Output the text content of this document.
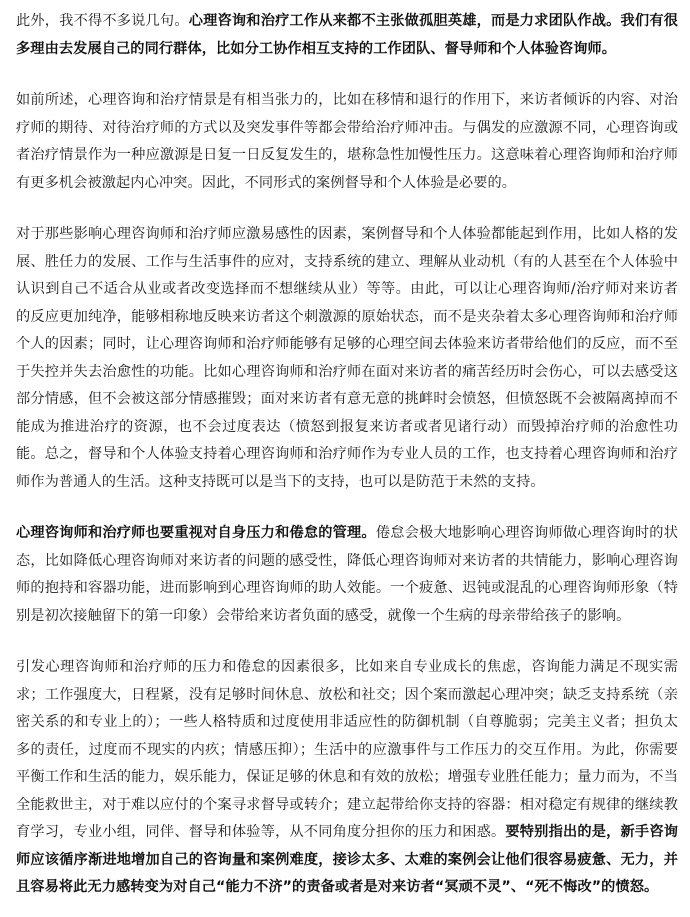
此外，我不得不多说几句。心理咨询和治疗工作从来都不主张做孤胆英雄，而是力求团队作战。我们有很多理由去发展自己的同行群体，比如分工协作相互支持的工作团队、督导师和个人体验咨询师。

如前所述，心理咨询和治疗情景是有相当张力的，比如在移情和退行的作用下，来访者倾诉的内容、对治疗师的期待、对待治疗师的方式以及突发事件等都会带给治疗师冲击。与偶发的应激源不同，心理咨询或者治疗情景作为一种应激源是日复一日反复发生的，堪称急性加慢性压力。这意味着心理咨询师和治疗师有更多机会被激起内心冲突。因此，不同形式的案例督导和个人体验是必要的。

对于那些影响心理咨询师和治疗师应激易感性的因素，案例督导和个人体验都能起到作用，比如人格的发展、胜任力的发展、工作与生活事件的应对，支持系统的建立、理解从业动机（有的人甚至在个人体验中认识到自己不适合从业或者改变选择而不想继续从业）等等。由此，可以让心理咨询师/治疗师对来访者的反应更加纯净，能够相称地反映来访者这个刺激源的原始状态，而不是夹杂着太多心理咨询师和治疗师个人的因素；同时，让心理咨询师和治疗师能够有足够的心理空间去体验来访者带给他们的反应，而不至于失控并失去治愈性的功能。比如心理咨询师和治疗师在面对来访者的痛苦经历时会伤心，可以去感受这部分情感，但不会被这部分情感摧毁；面对来访者有意无意的挑衅时会愤怒，但愤怒既不会被隔离掉而不能成为推进治疗的资源，也不会过度表达（愤怒到报复来访者或者见诸行动）而毁掉治疗师的治愈性功能。总之，督导和个人体验支持着心理咨询师和治疗师作为专业人员的工作，也支持着心理咨询师和治疗师作为普通人的生活。这种支持既可以是当下的支持，也可以是防范于未然的支持。

心理咨询师和治疗师也要重视对自身压力和倦怠的管理。倦怠会极大地影响心理咨询师做心理咨询时的状态，比如降低心理咨询师对来访者的问题的感受性，降低心理咨询师对来访者的共情能力，影响心理咨询师的抱持和容器功能，进而影响到心理咨询师的助人效能。一个疲惫、迟钝或混乱的心理咨询师形象（特别是初次接触留下的第一印象）会带给来访者负面的感受，就像一个生病的母亲带给孩子的影响。

引发心理咨询师和治疗师的压力和倦怠的因素很多，比如来自专业成长的焦虑，咨询能力满足不现实需求；工作强度大，日程紧，没有足够时间休息、放松和社交；因个案而激起心理冲突；缺乏支持系统（亲密关系的和专业上的）；一些人格特质和过度使用非适应性的防御机制（自尊脆弱；完美主义者；担负太多的责任，过度而不现实的内疚；情感压抑）；生活中的应激事件与工作压力的交互作用。为此，你需要平衡工作和生活的能力，娱乐能力，保证足够的休息和有效的放松；增强专业胜任能力；量力而为，不当全能救世主，对于难以应付的个案寻求督导或转介；建立起带给你支持的容器：相对稳定有规律的继续教育学习，专业小组，同伴、督导和体验等，从不同角度分担你的压力和困惑。要特别指出的是，新手咨询师应该循序渐进地增加自己的咨询量和案例难度，接诊太多、太难的案例会让他们很容易疲惫、无力，并且容易将此无力感转变为对自己“能力不济”的责备或者是对来访者“冥顽不灵”、“死不悔改”的愤怒。
